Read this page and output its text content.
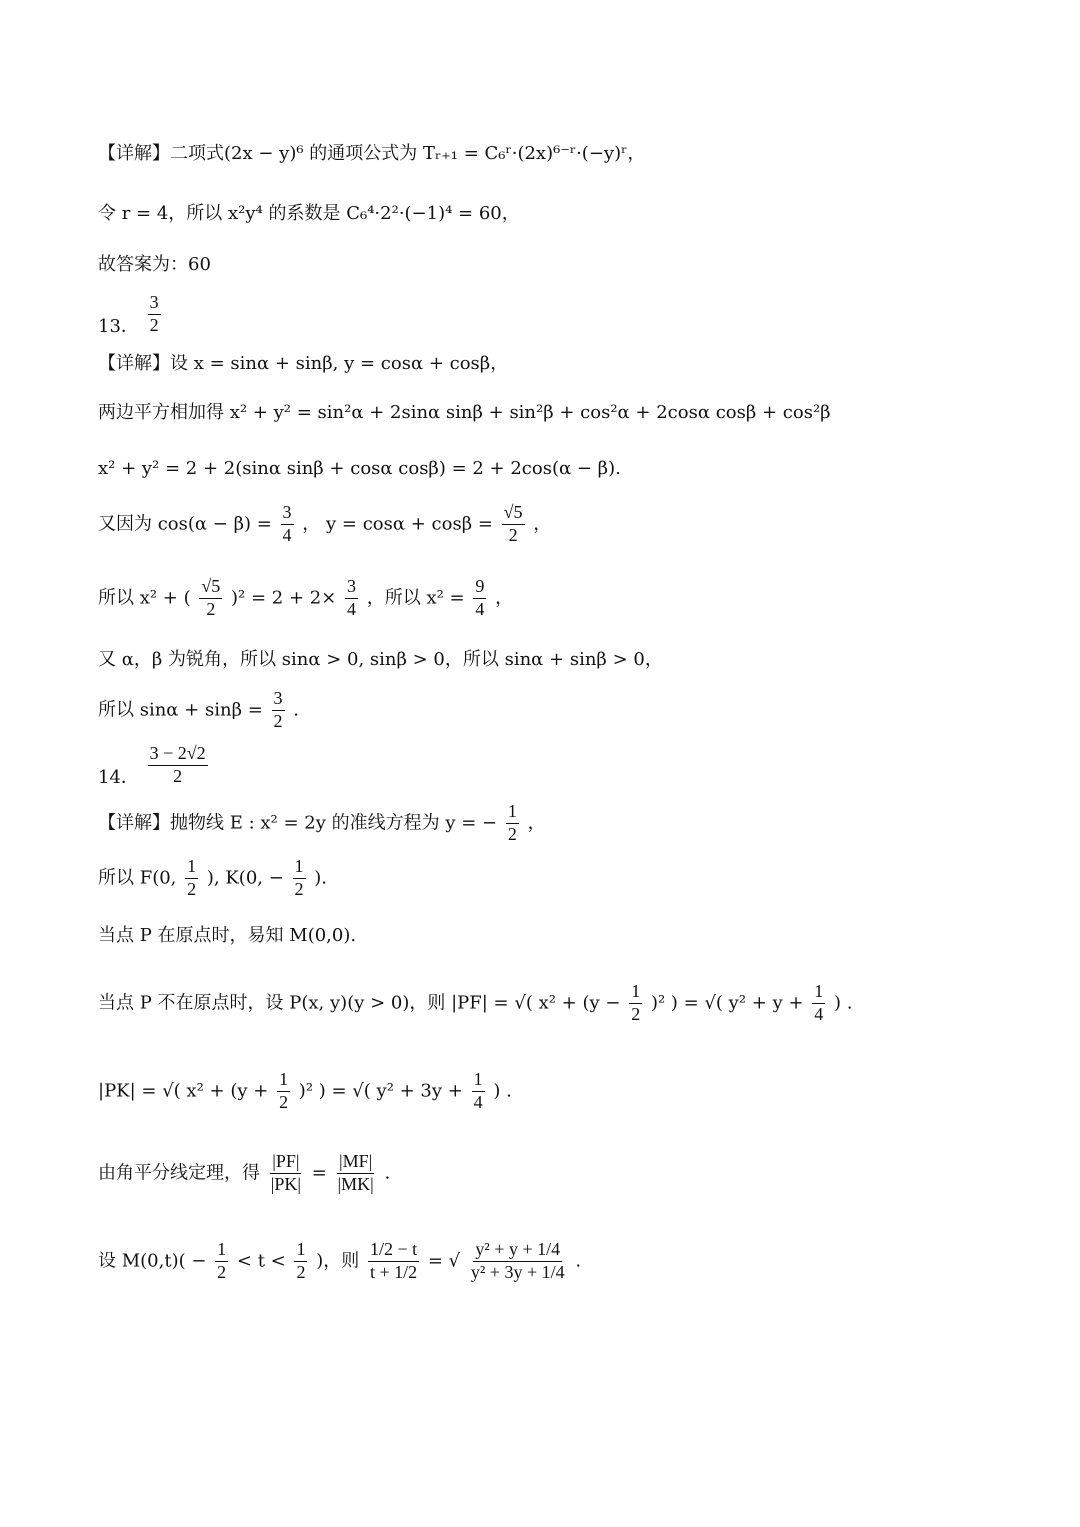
【详解】二项式(2x − y)⁶ 的通项公式为 Tᵣ₊₁ = C₆ʳ·(2x)⁶⁻ʳ·(−y)ʳ，
令 r = 4，所以 x²y⁴ 的系数是 C₆⁴·2²·(−1)⁴ = 60，
故答案为：60
13． $\frac{3}{2}$
【详解】设 x = sinα + sinβ, y = cosα + cosβ，
两边平方相加得 x² + y² = sin²α + 2sinα sinβ + sin²β + cos²α + 2cosα cosβ + cos²β
x² + y² = 2 + 2(sinα sinβ + cosα cosβ) = 2 + 2cos(α − β).
又因为 $\cos(\alpha - \beta) = \frac{3}{4}$ ， $y = \cos\alpha + \cos\beta = \frac{√5}{2}$ ，
所以 x² + ( $\frac{√5}{2} )^2 = 2 + 2\times \frac{3}{4}$ ，所以 $x^2 = \frac{9}{4}$ ，
又 α，β 为锐角，所以 sinα > 0, sinβ > 0，所以 sinα + sinβ > 0，
所以 $\sin\alpha + \sin\beta = \frac{3}{2}$ .
14． $\frac{3 - 2√2}{2}$
【详解】抛物线 E : x² = 2y 的准线方程为 y = − $\frac{1}{2}$ ，
所以 F(0, $\frac{1}{2}$ ), K(0, − $\frac{1}{2}$ ).
当点 P 在原点时，易知 M(0,0).
当点 P 不在原点时，设 P(x, y)(y > 0)，则 |PF| = √( $x^2 + (y - \frac{1}{2} )^2$ ) = √( $y^2 + y + \frac{1}{4}$ ) .
|PK| = √( $x^2 + (y + \frac{1}{2} )^2$ ) = √( $y^2 + 3y + \frac{1}{4}$ ) .
由角平分线定理，得 $\frac{|PF|}{|PK|} = \frac{|MF|}{|MK|}$ .
设 $M(0,t)( - \frac{1}{2} < t < \frac{1}{2}$ )，则 $\frac{1/2 - t}{t + 1/2}$ = √ $\frac{\text{y² + y + 1/4}}{\text{y² + 3y + 1/4}}$ .
